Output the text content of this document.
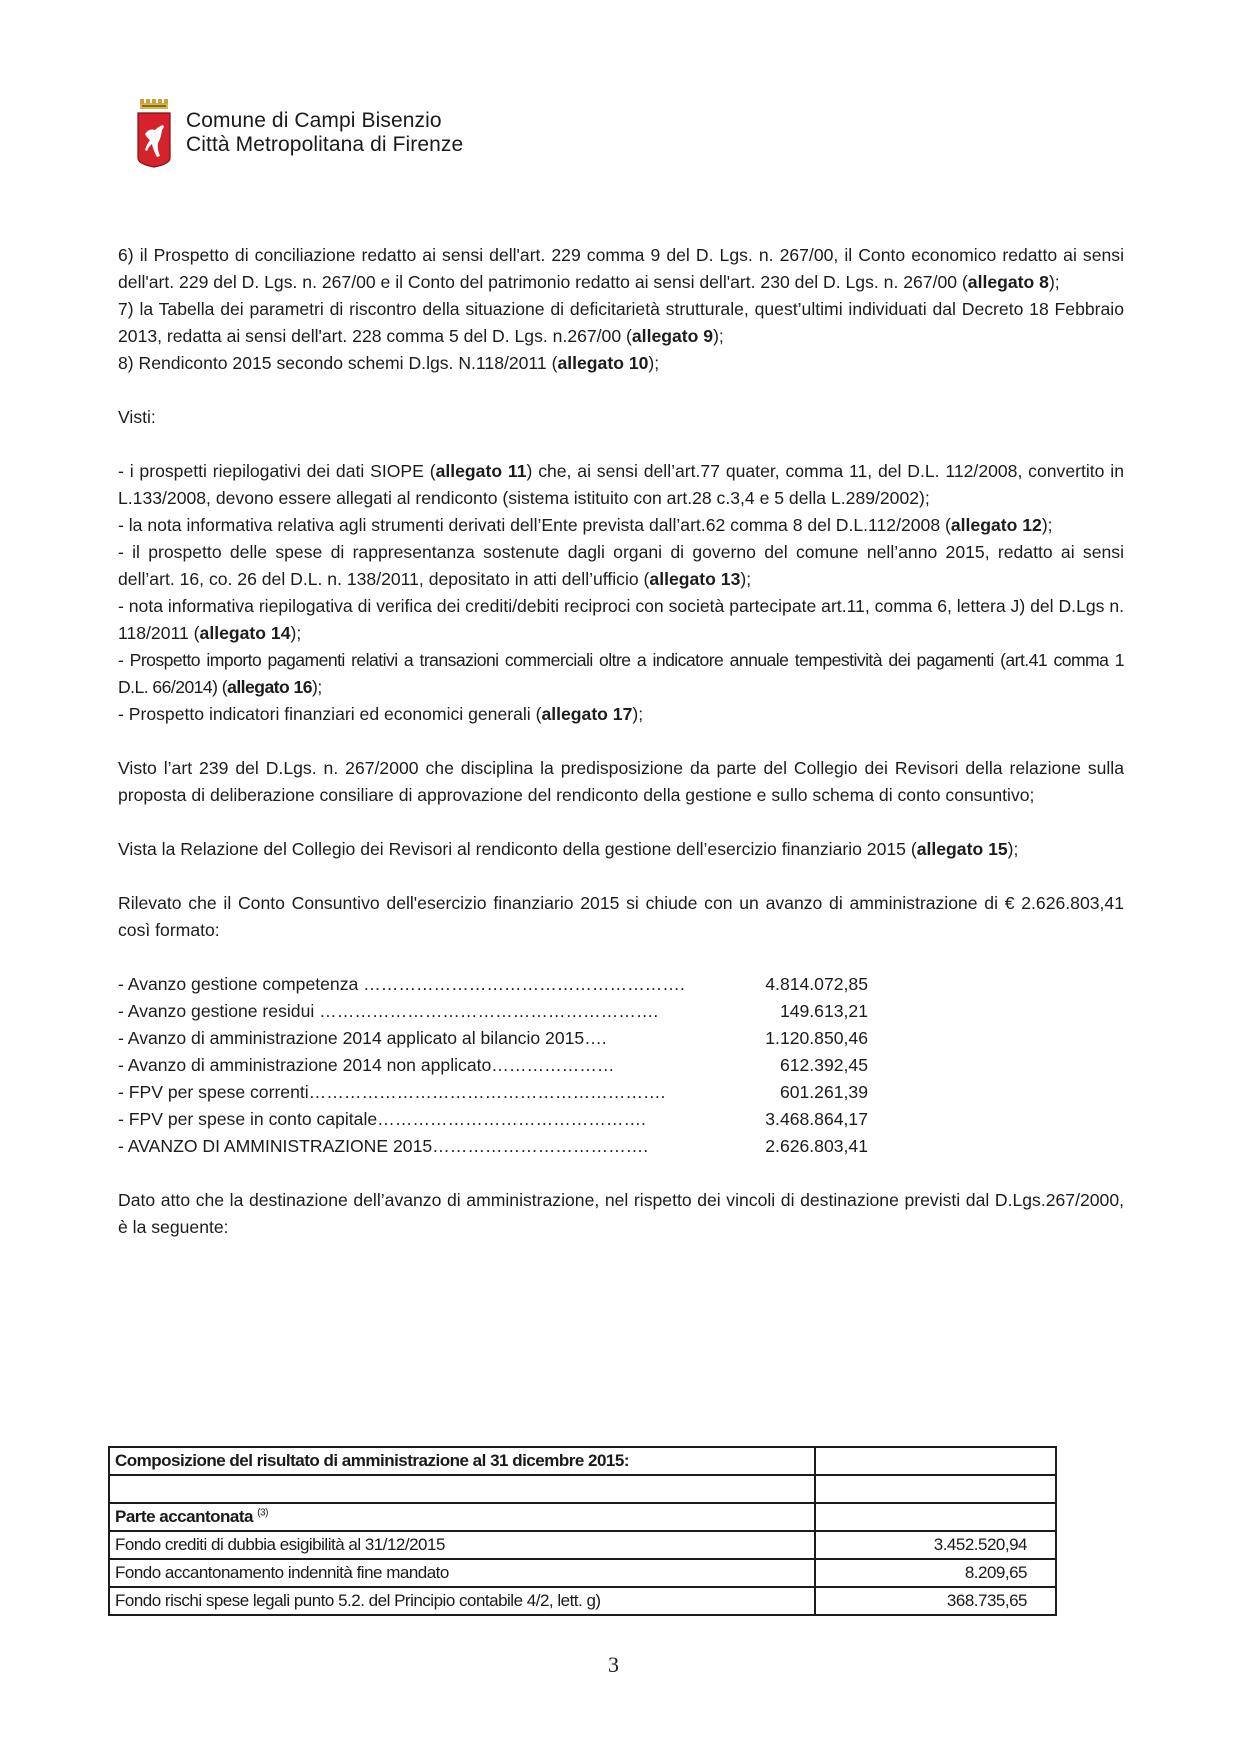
Comune di Campi Bisenzio
Città Metropolitana di Firenze

6) il Prospetto di conciliazione redatto ai sensi dell'art. 229 comma 9 del D. Lgs. n. 267/00, il Conto economico redatto ai sensi dell'art. 229 del D. Lgs. n. 267/00 e il Conto del patrimonio redatto ai sensi dell'art. 230 del D. Lgs. n. 267/00 (allegato 8);

7) la Tabella dei parametri di riscontro della situazione di deficitarietà strutturale, quest’ultimi individuati dal Decreto 18 Febbraio 2013, redatta ai sensi dell'art. 228 comma 5 del D. Lgs. n.267/00 (allegato 9);

8) Rendiconto 2015 secondo schemi D.lgs. N.118/2011 (allegato 10);

Visti:

- i prospetti riepilogativi dei dati SIOPE (allegato 11) che, ai sensi dell’art.77 quater, comma 11, del D.L. 112/2008, convertito in L.133/2008, devono essere allegati al rendiconto (sistema istituito con art.28 c.3,4 e 5 della L.289/2002);

- la nota informativa relativa agli strumenti derivati dell’Ente prevista dall’art.62 comma 8 del D.L.112/2008 (allegato 12);

- il prospetto delle spese di rappresentanza sostenute dagli organi di governo del comune nell’anno 2015, redatto ai sensi dell’art. 16, co. 26 del D.L. n. 138/2011, depositato in atti dell’ufficio (allegato 13);

- nota informativa riepilogativa di verifica dei crediti/debiti reciproci con società partecipate art.11, comma 6, lettera J) del D.Lgs n. 118/2011 (allegato 14);

- Prospetto importo pagamenti relativi a transazioni commerciali oltre a indicatore annuale tempestività dei pagamenti (art.41 comma 1 D.L. 66/2014) (allegato 16);

- Prospetto indicatori finanziari ed economici generali (allegato 17);

Visto l’art 239 del D.Lgs. n. 267/2000 che disciplina la predisposizione da parte del Collegio dei Revisori della relazione sulla proposta di deliberazione consiliare di approvazione del rendiconto della gestione e sullo schema di conto consuntivo;

Vista la Relazione del Collegio dei Revisori al rendiconto della gestione dell’esercizio finanziario 2015 (allegato 15);

Rilevato che il Conto Consuntivo dell'esercizio finanziario 2015 si chiude con un avanzo di amministrazione di € 2.626.803,41 così formato:

- Avanzo gestione competenza ……………………………………………….	4.814.072,85
- Avanzo gestione residui ………………………………………………….	149.613,21
- Avanzo di amministrazione 2014 applicato al bilancio 2015….	1.120.850,46
- Avanzo di amministrazione 2014 non applicato…………………	612.392,45
- FPV per spese correnti…………………………………………………….	601.261,39
- FPV per spese in conto capitale……………………………………….	3.468.864,17
- AVANZO DI AMMINISTRAZIONE 2015……………………………….	2.626.803,41

Dato atto che la destinazione dell’avanzo di amministrazione, nel rispetto dei vincoli di destinazione previsti dal D.Lgs.267/2000, è la seguente:

Composizione del risultato di amministrazione al 31 dicembre 2015:	

Parte accantonata $^{(3)}$	
Fondo crediti di dubbia esigibilità al 31/12/2015	3.452.520,94
Fondo accantonamento indennità fine mandato	8.209,65
Fondo rischi spese legali punto 5.2. del Principio contabile 4/2, lett. g)	368.735,65
3
